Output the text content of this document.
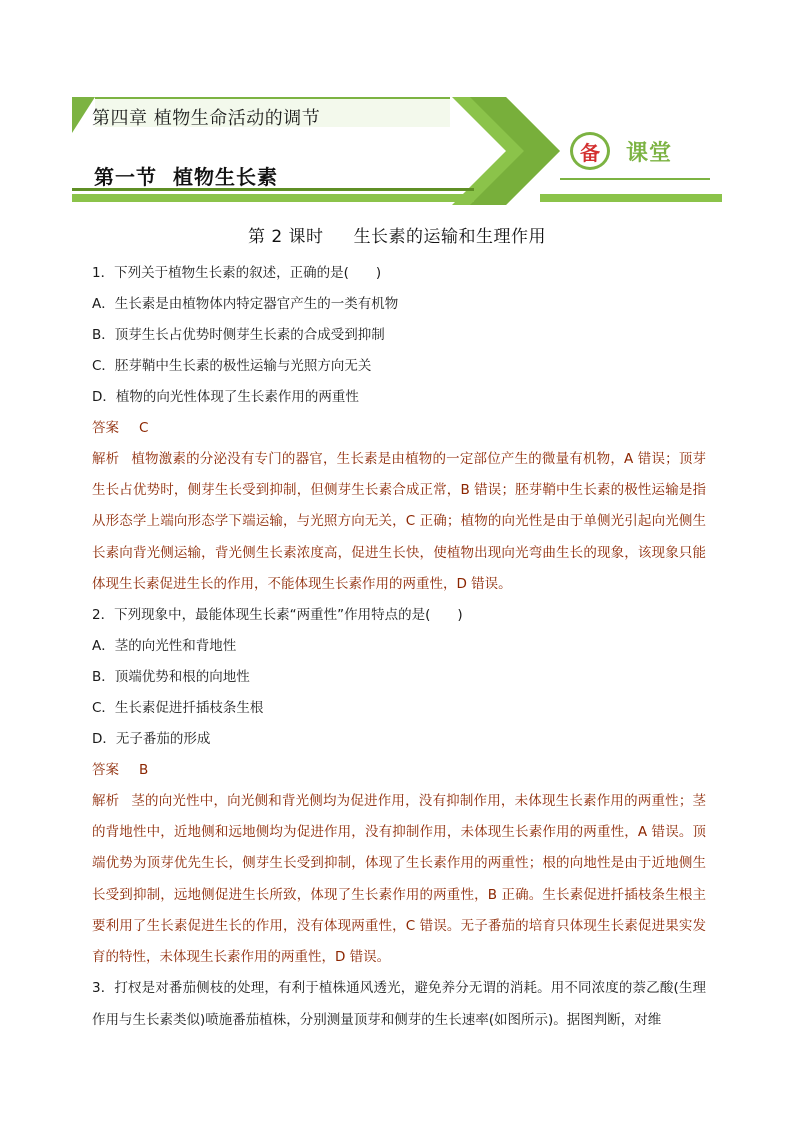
第四章 植物生命活动的调节
第一节 植物生长素
备 课堂
第 2 课时 生长素的运输和生理作用
1．下列关于植物生长素的叙述，正确的是(　　)
A．生长素是由植物体内特定器官产生的一类有机物
B．顶芽生长占优势时侧芽生长素的合成受到抑制
C．胚芽鞘中生长素的极性运输与光照方向无关
D．植物的向光性体现了生长素作用的两重性
答案 C
解析 植物激素的分泌没有专门的器官，生长素是由植物的一定部位产生的微量有机物，A 错误；顶芽生长占优势时，侧芽生长受到抑制，但侧芽生长素合成正常，B 错误；胚芽鞘中生长素的极性运输是指从形态学上端向形态学下端运输，与光照方向无关，C 正确；植物的向光性是由于单侧光引起向光侧生长素向背光侧运输，背光侧生长素浓度高，促进生长快，使植物出现向光弯曲生长的现象，该现象只能体现生长素促进生长的作用，不能体现生长素作用的两重性，D 错误。
2．下列现象中，最能体现生长素“两重性”作用特点的是(　　)
A．茎的向光性和背地性
B．顶端优势和根的向地性
C．生长素促进扦插枝条生根
D．无子番茄的形成
答案 B
解析 茎的向光性中，向光侧和背光侧均为促进作用，没有抑制作用，未体现生长素作用的两重性；茎的背地性中，近地侧和远地侧均为促进作用，没有抑制作用，未体现生长素作用的两重性，A 错误。顶端优势为顶芽优先生长，侧芽生长受到抑制，体现了生长素作用的两重性；根的向地性是由于近地侧生长受到抑制，远地侧促进生长所致，体现了生长素作用的两重性，B 正确。生长素促进扦插枝条生根主要利用了生长素促进生长的作用，没有体现两重性，C 错误。无子番茄的培育只体现生长素促进果实发育的特性，未体现生长素作用的两重性，D 错误。
3．打杈是对番茄侧枝的处理，有利于植株通风透光，避免养分无谓的消耗。用不同浓度的萘乙酸(生理作用与生长素类似)喷施番茄植株，分别测量顶芽和侧芽的生长速率(如图所示)。据图判断，对维
